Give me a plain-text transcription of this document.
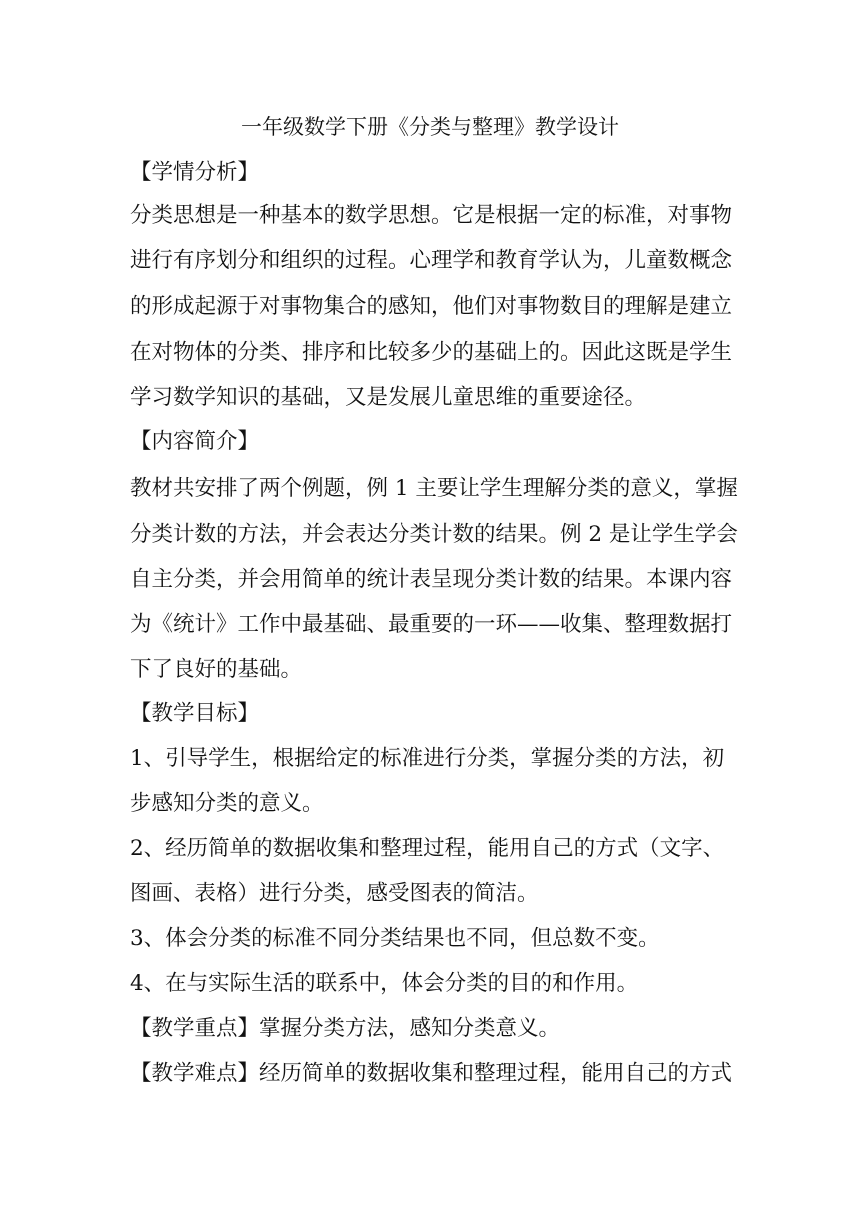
一年级数学下册《分类与整理》教学设计
【学情分析】
分类思想是一种基本的数学思想。它是根据一定的标准，对事物
进行有序划分和组织的过程。心理学和教育学认为，儿童数概念
的形成起源于对事物集合的感知，他们对事物数目的理解是建立
在对物体的分类、排序和比较多少的基础上的。因此这既是学生
学习数学知识的基础，又是发展儿童思维的重要途径。
【内容简介】
教材共安排了两个例题，例 1 主要让学生理解分类的意义，掌握
分类计数的方法，并会表达分类计数的结果。例 2 是让学生学会
自主分类，并会用简单的统计表呈现分类计数的结果。本课内容
为《统计》工作中最基础、最重要的一环——收集、整理数据打
下了良好的基础。
【教学目标】
1、引导学生，根据给定的标准进行分类，掌握分类的方法，初
步感知分类的意义。
2、经历简单的数据收集和整理过程，能用自己的方式（文字、
图画、表格）进行分类，感受图表的简洁。
3、体会分类的标准不同分类结果也不同，但总数不变。
4、在与实际生活的联系中，体会分类的目的和作用。
【教学重点】掌握分类方法，感知分类意义。
【教学难点】经历简单的数据收集和整理过程，能用自己的方式
